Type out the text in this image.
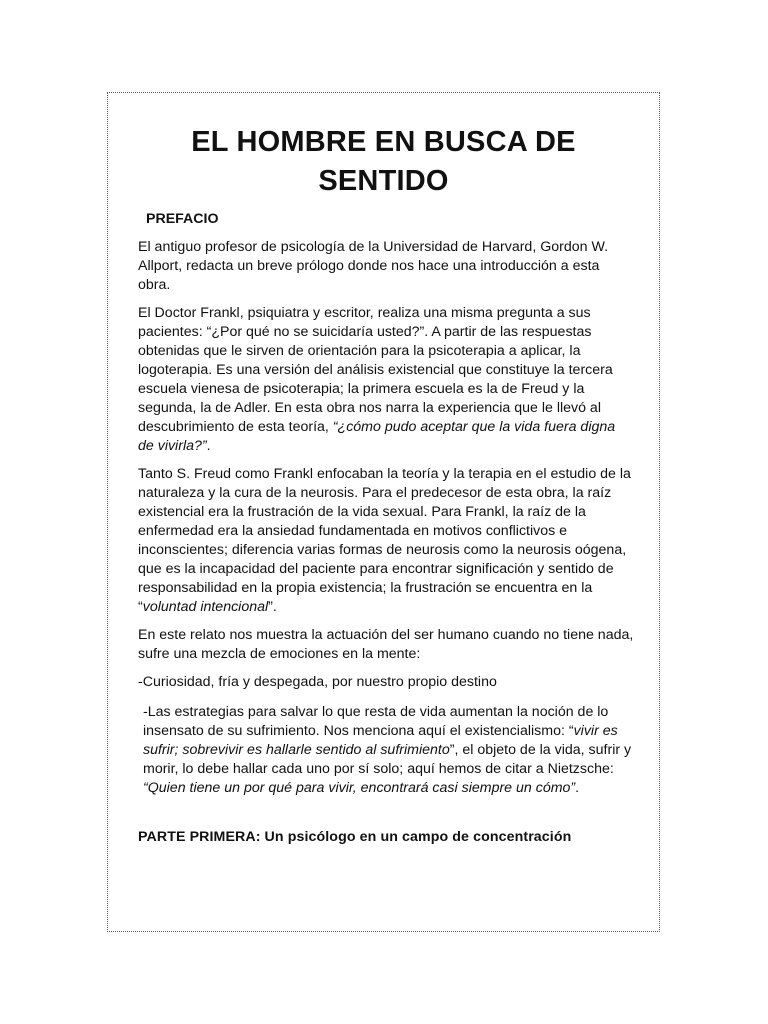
EL HOMBRE EN BUSCA DE
SENTIDO
PREFACIO

El antiguo profesor de psicología de la Universidad de Harvard, Gordon W. Allport, redacta un breve prólogo donde nos hace una introducción a esta obra.

El Doctor Frankl, psiquiatra y escritor, realiza una misma pregunta a sus pacientes: “¿Por qué no se suicidaría usted?”. A partir de las respuestas obtenidas que le sirven de orientación para la psicoterapia a aplicar, la logoterapia. Es una versión del análisis existencial que constituye la tercera escuela vienesa de psicoterapia; la primera escuela es la de Freud y la segunda, la de Adler. En esta obra nos narra la experiencia que le llevó al descubrimiento de esta teoría, “¿cómo pudo aceptar que la vida fuera digna de vivirla?”.

Tanto S. Freud como Frankl enfocaban la teoría y la terapia en el estudio de la naturaleza y la cura de la neurosis. Para el predecesor de esta obra, la raíz existencial era la frustración de la vida sexual. Para Frankl, la raíz de la enfermedad era la ansiedad fundamentada en motivos conflictivos e inconscientes; diferencia varias formas de neurosis como la neurosis oógena, que es la incapacidad del paciente para encontrar significación y sentido de responsabilidad en la propia existencia; la frustración se encuentra en la “voluntad intencional”.

En este relato nos muestra la actuación del ser humano cuando no tiene nada, sufre una mezcla de emociones en la mente:

-Curiosidad, fría y despegada, por nuestro propio destino

-Las estrategias para salvar lo que resta de vida aumentan la noción de lo insensato de su sufrimiento. Nos menciona aquí el existencialismo: “vivir es sufrir; sobrevivir es hallarle sentido al sufrimiento”, el objeto de la vida, sufrir y morir, lo debe hallar cada uno por sí solo; aquí hemos de citar a Nietzsche: “Quien tiene un por qué para vivir, encontrará casi siempre un cómo”.

PARTE PRIMERA: Un psicólogo en un campo de concentración
